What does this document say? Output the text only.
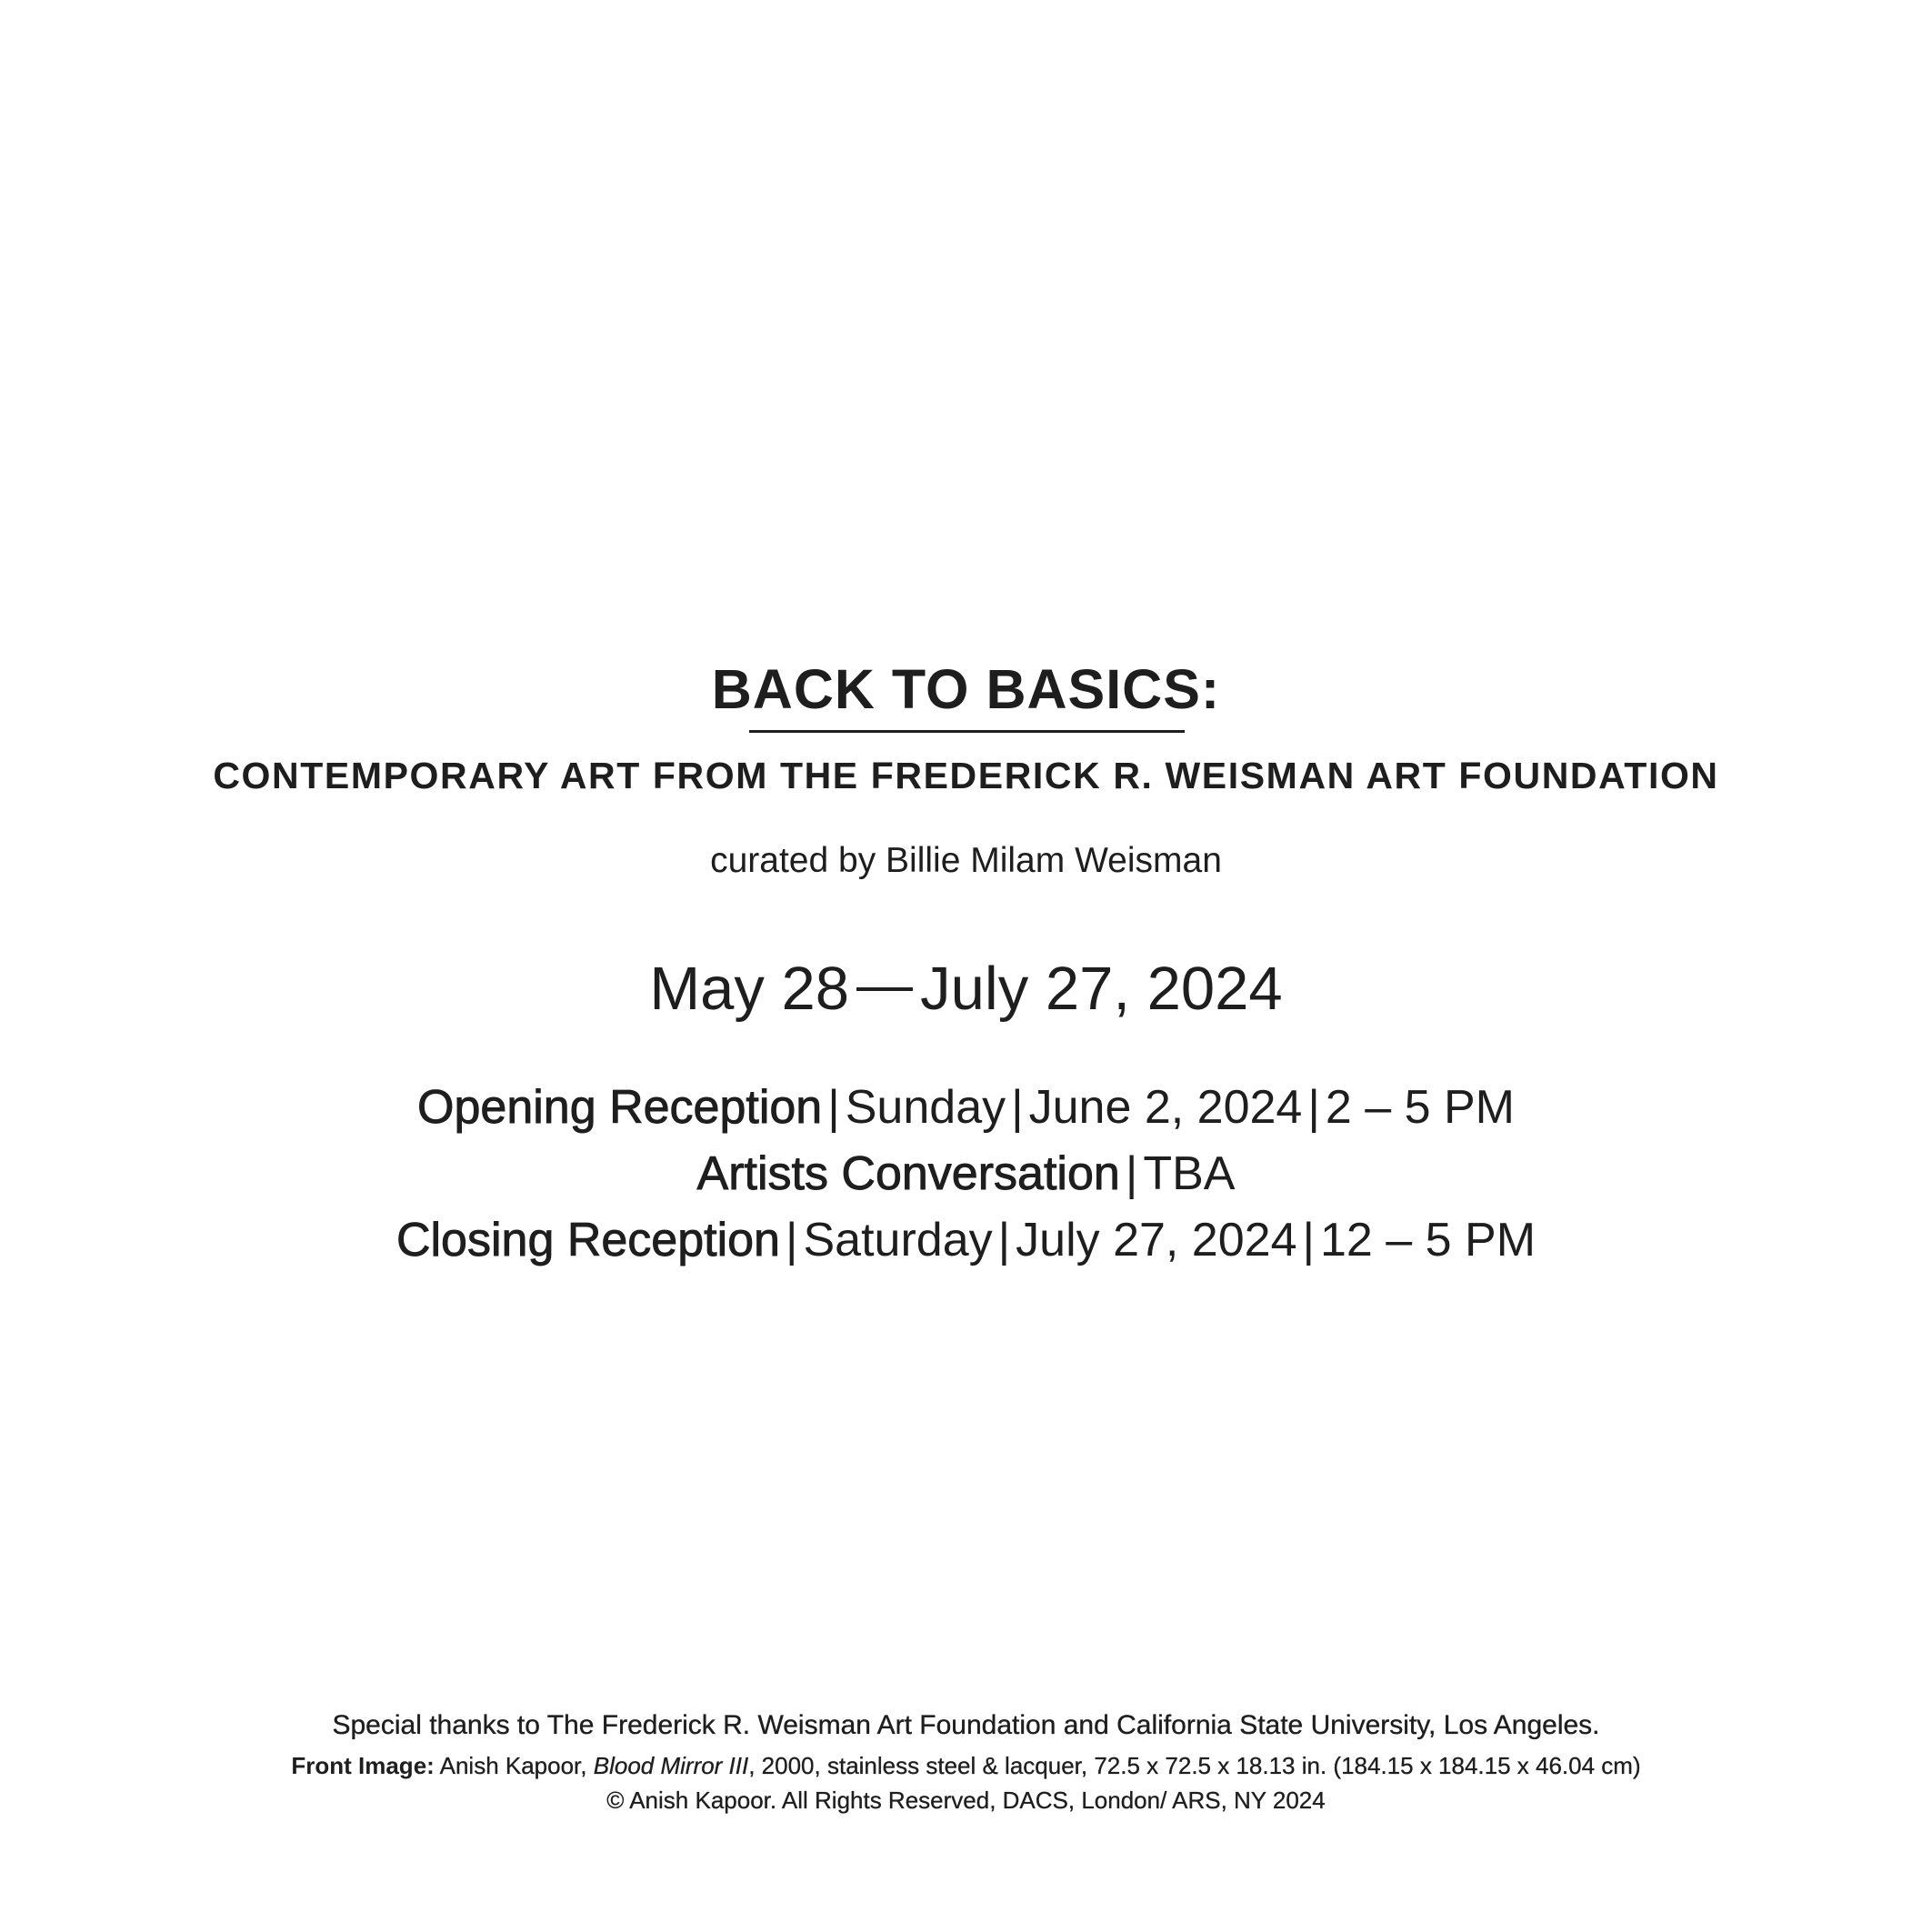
BACK TO BASICS:
CONTEMPORARY ART FROM THE FREDERICK R. WEISMAN ART FOUNDATION
curated by Billie Milam Weisman
May 28 July 27, 2024
Opening Reception | Sunday | June 2, 2024 | 2 – 5 PM
Artists Conversation | TBA
Closing Reception | Saturday | July 27, 2024 | 12 – 5 PM
Special thanks to The Frederick R. Weisman Art Foundation and California State University, Los Angeles.
Front Image: Anish Kapoor, Blood Mirror III, 2000, stainless steel & lacquer, 72.5 x 72.5 x 18.13 in. (184.15 x 184.15 x 46.04 cm)
© Anish Kapoor. All Rights Reserved, DACS, London/ ARS, NY 2024
